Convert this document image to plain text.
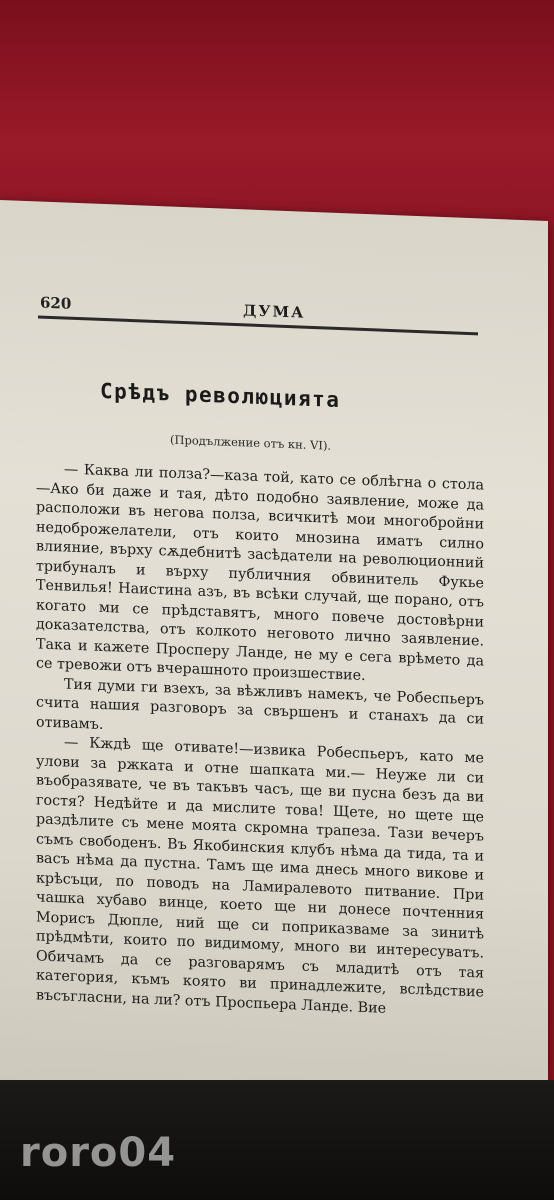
620	ДУМА
Срѣдъ революцията
(Продължение отъ кн. VI).

— Каква ли полза?—каза той, като се облѣгна о стола—Ако би даже и тая, дѣто подобно заявление, може да расположи въ негова полза, всичкитѣ мои многобройни недоброжелатели, отъ които мнозина иматъ силно влияние, върху сѫдебнитѣ засѣдатели на революционний трибуналъ и върху публичния обвинитель Фукье Тенвилья! Наистина азъ, въ всѣки случай, ще порано, отъ когато ми се прѣдставятъ, много повече достовѣрни доказателства, отъ колкото неговото лично заявление. Така и кажете Просперу Ланде, не му е сега врѣмето да се тревожи отъ вчерашното произшествие.

Тия думи ги взехъ, за вѣжливъ намекъ, че Робеспьеръ счита нашия разговоръ за свършенъ и станахъ да си отивамъ.

— Кждѣ ще отивате!—извика Робеспьеръ, като ме улови за ржката и отне шапката ми.— Неуже ли си въобразявате, че въ такъвъ часъ, ще ви пусна безъ да ви гостя? Недѣйте и да мислите това! Щете, но щете ще раздѣлите съ мене моята скромна трапеза. Тази вечеръ съмъ свободенъ. Въ Якобинския клубъ нѣма да тида, та и васъ нѣма да пустна. Тамъ ще има днесь много викове и крѣсъци, по поводъ на Ламиралевото питвание. При чашка хубаво винце, което ще ни донесе почтенния Морисъ Дюпле, ний ще си поприказваме за зинитѣ прѣдмѣти, които по видимому, много ви интересуватъ. Обичамъ да се разговарямъ съ младитѣ отъ тая категория, къмъ която ви принадлежите, вслѣдствие въсъгласни, на ли? отъ Проспьера Ланде. Вие

roro04
